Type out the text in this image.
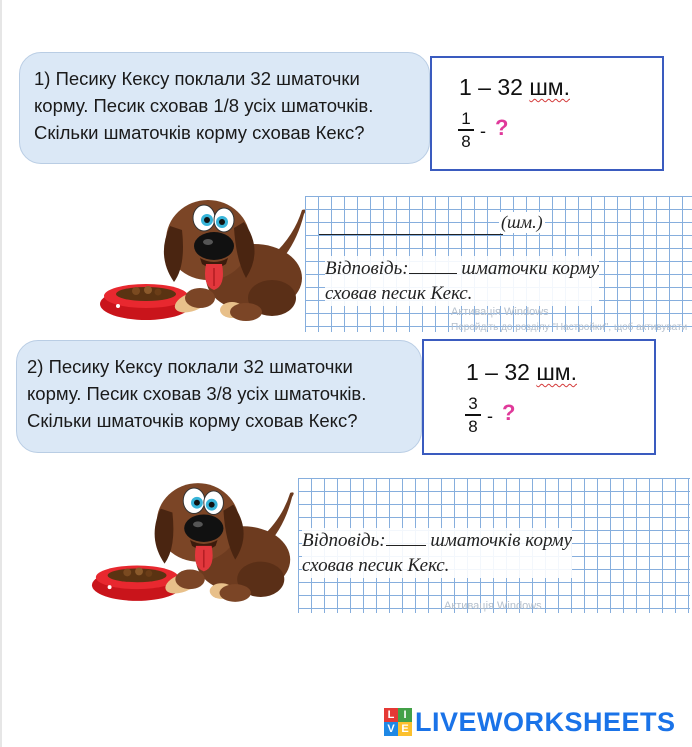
1) Песику Кексу поклали 32 шматочки
корму. Песик сховав 1/8 усіх шматочків.
Скільки шматочків корму сховав Кекс?
1 – 32 шм.
1
8 - ?
(шм.)
Відповідь:	шматочки корму
сховав песик Кекс.
Активація Windows
Перейдіть до розділу "Настройки", щоб активувати
2) Песику Кексу поклали 32 шматочки
корму. Песик сховав 3/8 усіх шматочків.
Скільки шматочків корму сховав Кекс?
1 – 32 шм.
3
8 - ?
Відповідь: шматочків корму
сховав песик Кекс.
Активація Windows
L I
V E LIVEWORKSHEETS
